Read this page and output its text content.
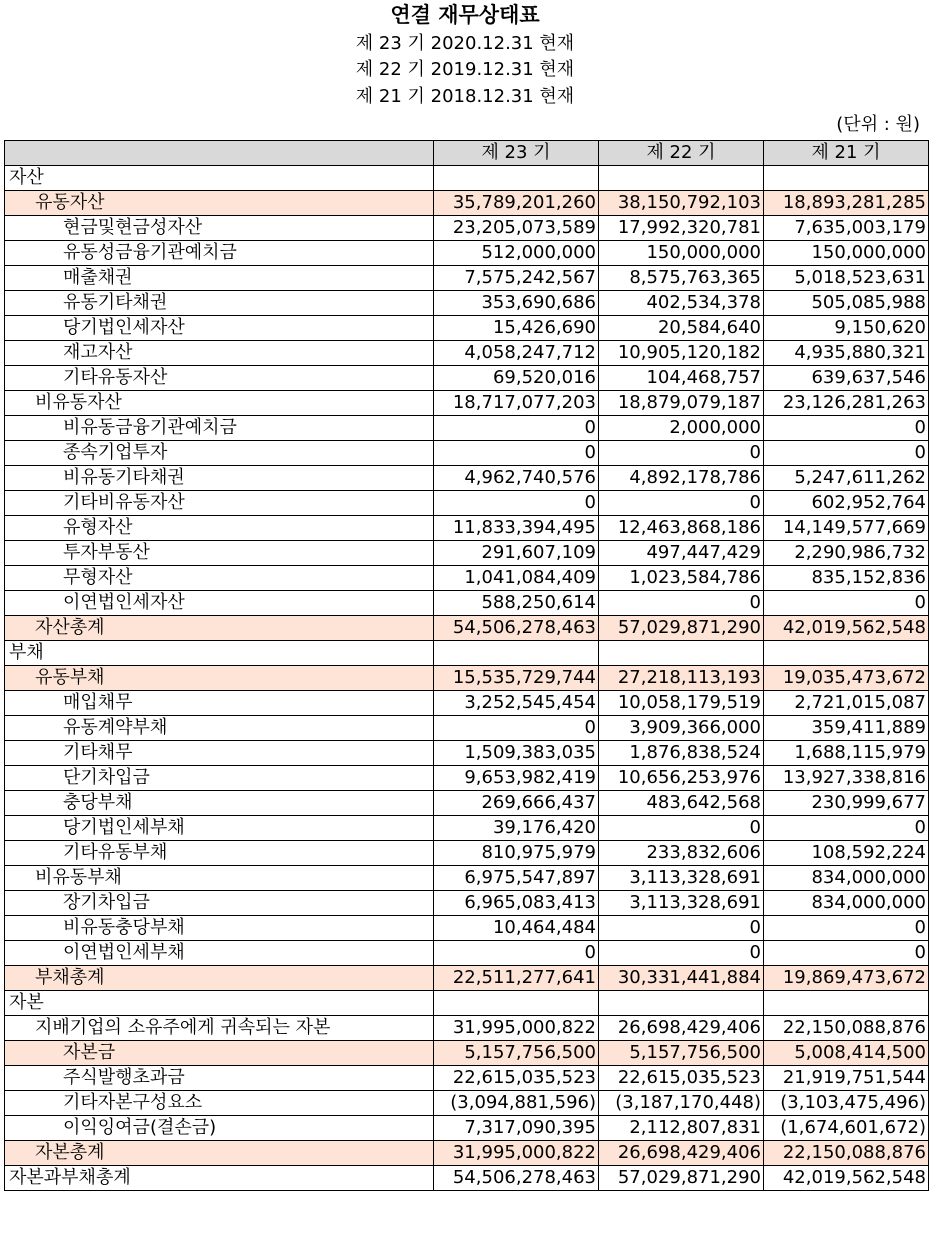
연결 재무상태표
제 23 기 2020.12.31 현재
제 22 기 2019.12.31 현재
제 21 기 2018.12.31 현재
(단위 : 원)
	제 23 기	제 22 기	제 21 기
자산			
유동자산	35,789,201,260	38,150,792,103	18,893,281,285
현금및현금성자산	23,205,073,589	17,992,320,781	7,635,003,179
유동성금융기관예치금	512,000,000	150,000,000	150,000,000
매출채권	7,575,242,567	8,575,763,365	5,018,523,631
유동기타채권	353,690,686	402,534,378	505,085,988
당기법인세자산	15,426,690	20,584,640	9,150,620
재고자산	4,058,247,712	10,905,120,182	4,935,880,321
기타유동자산	69,520,016	104,468,757	639,637,546
비유동자산	18,717,077,203	18,879,079,187	23,126,281,263
비유동금융기관예치금	0	2,000,000	0
종속기업투자	0	0	0
비유동기타채권	4,962,740,576	4,892,178,786	5,247,611,262
기타비유동자산	0	0	602,952,764
유형자산	11,833,394,495	12,463,868,186	14,149,577,669
투자부동산	291,607,109	497,447,429	2,290,986,732
무형자산	1,041,084,409	1,023,584,786	835,152,836
이연법인세자산	588,250,614	0	0
자산총계	54,506,278,463	57,029,871,290	42,019,562,548
부채			
유동부채	15,535,729,744	27,218,113,193	19,035,473,672
매입채무	3,252,545,454	10,058,179,519	2,721,015,087
유동계약부채	0	3,909,366,000	359,411,889
기타채무	1,509,383,035	1,876,838,524	1,688,115,979
단기차입금	9,653,982,419	10,656,253,976	13,927,338,816
충당부채	269,666,437	483,642,568	230,999,677
당기법인세부채	39,176,420	0	0
기타유동부채	810,975,979	233,832,606	108,592,224
비유동부채	6,975,547,897	3,113,328,691	834,000,000
장기차입금	6,965,083,413	3,113,328,691	834,000,000
비유동충당부채	10,464,484	0	0
이연법인세부채	0	0	0
부채총계	22,511,277,641	30,331,441,884	19,869,473,672
자본			
지배기업의 소유주에게 귀속되는 자본	31,995,000,822	26,698,429,406	22,150,088,876
자본금	5,157,756,500	5,157,756,500	5,008,414,500
주식발행초과금	22,615,035,523	22,615,035,523	21,919,751,544
기타자본구성요소	(3,094,881,596)	(3,187,170,448)	(3,103,475,496)
이익잉여금(결손금)	7,317,090,395	2,112,807,831	(1,674,601,672)
자본총계	31,995,000,822	26,698,429,406	22,150,088,876
자본과부채총계	54,506,278,463	57,029,871,290	42,019,562,548
